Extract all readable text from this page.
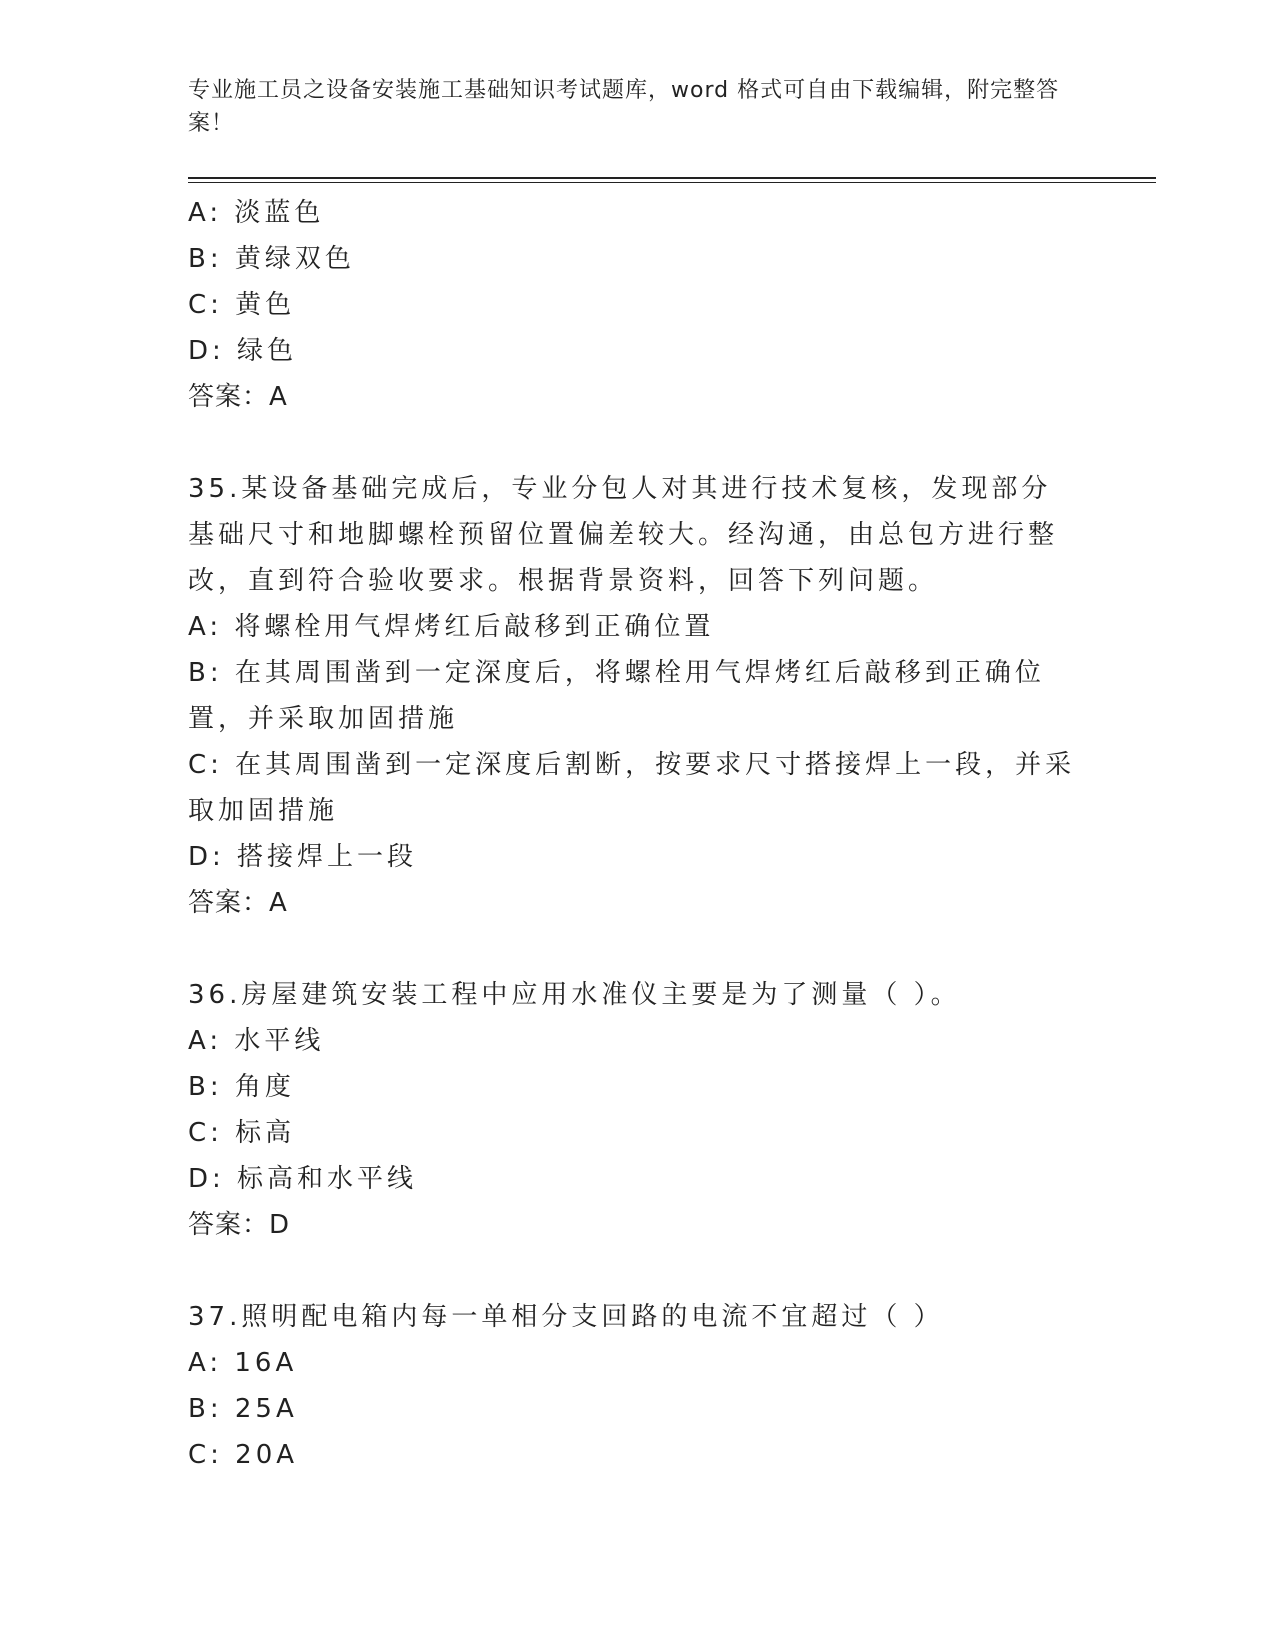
专业施工员之设备安装施工基础知识考试题库，word 格式可自由下载编辑，附完整答案！
A: 淡蓝色
B: 黄绿双色
C: 黄色
D: 绿色
答案：A
35.某设备基础完成后，专业分包人对其进行技术复核，发现部分基础尺寸和地脚螺栓预留位置偏差较大。经沟通，由总包方进行整改，直到符合验收要求。根据背景资料，回答下列问题。
A: 将螺栓用气焊烤红后敲移到正确位置
B: 在其周围凿到一定深度后，将螺栓用气焊烤红后敲移到正确位置，并采取加固措施
C: 在其周围凿到一定深度后割断，按要求尺寸搭接焊上一段，并采取加固措施
D: 搭接焊上一段
答案：A
36.房屋建筑安装工程中应用水准仪主要是为了测量（ ）。
A: 水平线
B: 角度
C: 标高
D: 标高和水平线
答案：D
37.照明配电箱内每一单相分支回路的电流不宜超过（ ）
A: 16A
B: 25A
C: 20A
